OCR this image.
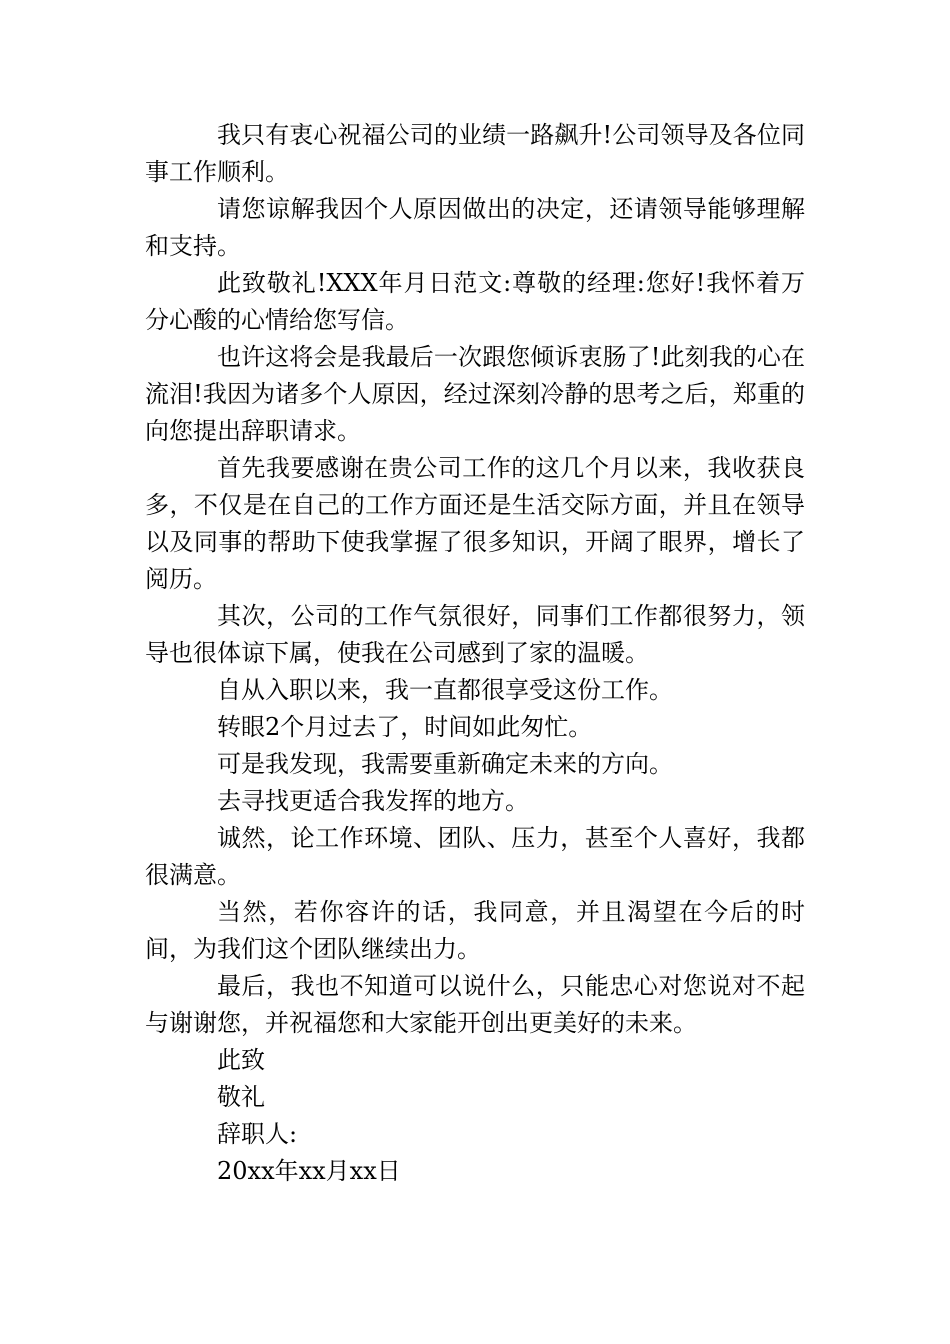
我只有衷心祝福公司的业绩一路飙升!公司领导及各位同事工作顺利。

请您谅解我因个人原因做出的决定，还请领导能够理解和支持。

此致敬礼!XXX年月日范文:尊敬的经理:您好!我怀着万分心酸的心情给您写信。

也许这将会是我最后一次跟您倾诉衷肠了!此刻我的心在流泪!我因为诸多个人原因，经过深刻冷静的思考之后，郑重的向您提出辞职请求。

首先我要感谢在贵公司工作的这几个月以来，我收获良多，不仅是在自己的工作方面还是生活交际方面，并且在领导以及同事的帮助下使我掌握了很多知识，开阔了眼界，增长了阅历。

其次，公司的工作气氛很好，同事们工作都很努力，领导也很体谅下属，使我在公司感到了家的温暖。

自从入职以来，我一直都很享受这份工作。

转眼2个月过去了，时间如此匆忙。

可是我发现，我需要重新确定未来的方向。

去寻找更适合我发挥的地方。

诚然，论工作环境、团队、压力，甚至个人喜好，我都很满意。

当然，若你容许的话，我同意，并且渴望在今后的时间，为我们这个团队继续出力。

最后，我也不知道可以说什么，只能忠心对您说对不起与谢谢您，并祝福您和大家能开创出更美好的未来。

此致

敬礼

辞职人:

20xx年xx月xx日
